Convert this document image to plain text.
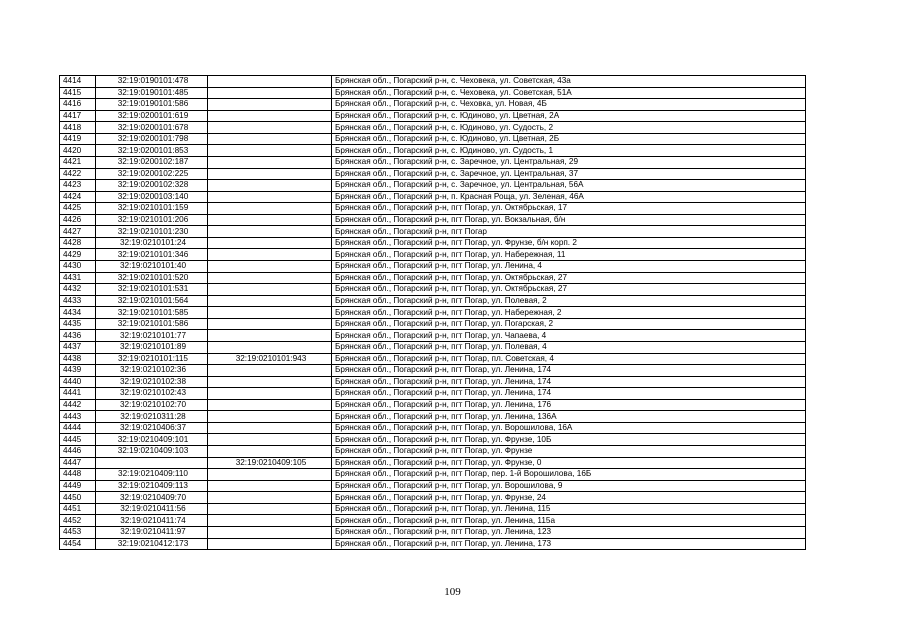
4414	32:19:0190101:478		Брянская обл., Погарский р-н, с. Чеховека, ул. Советская, 43а
4415	32:19:0190101:485		Брянская обл., Погарский р-н, с. Чеховека, ул. Советская, 51А
4416	32:19:0190101:586		Брянская обл., Погарский р-н, с. Чеховка, ул. Новая, 4Б
4417	32:19:0200101:619		Брянская обл., Погарский р-н, с. Юдиново, ул. Цветная, 2А
4418	32:19:0200101:678		Брянская обл., Погарский р-н, с. Юдиново, ул. Судость, 2
4419	32:19:0200101:798		Брянская обл., Погарский р-н, с. Юдиново, ул. Цветная, 2Б
4420	32:19:0200101:853		Брянская обл., Погарский р-н, с. Юдиново, ул. Судость, 1
4421	32:19:0200102:187		Брянская обл., Погарский р-н, с. Заречное, ул. Центральная, 29
4422	32:19:0200102:225		Брянская обл., Погарский р-н, с. Заречное, ул. Центральная, 37
4423	32:19:0200102:328		Брянская обл., Погарский р-н, с. Заречное, ул. Центральная, 56А
4424	32:19:0200103:140		Брянская обл., Погарский р-н, п. Красная Роща, ул. Зеленая, 46А
4425	32:19:0210101:159		Брянская обл., Погарский р-н, пгт Погар, ул. Октябрьская, 17
4426	32:19:0210101:206		Брянская обл., Погарский р-н, пгт Погар, ул. Вокзальная, б/н
4427	32:19:0210101:230		Брянская обл., Погарский р-н, пгт Погар
4428	32:19:0210101:24		Брянская обл., Погарский р-н, пгт Погар, ул. Фрунзе, б/н корп. 2
4429	32:19:0210101:346		Брянская обл., Погарский р-н, пгт Погар, ул. Набережная, 11
4430	32:19:0210101:40		Брянская обл., Погарский р-н, пгт Погар, ул. Ленина, 4
4431	32:19:0210101:520		Брянская обл., Погарский р-н, пгт Погар, ул. Октябрьская, 27
4432	32:19:0210101:531		Брянская обл., Погарский р-н, пгт Погар, ул. Октябрьская, 27
4433	32:19:0210101:564		Брянская обл., Погарский р-н, пгт Погар, ул. Полевая, 2
4434	32:19:0210101:585		Брянская обл., Погарский р-н, пгт Погар, ул. Набережная, 2
4435	32:19:0210101:586		Брянская обл., Погарский р-н, пгт Погар, ул. Погарская, 2
4436	32:19:0210101:77		Брянская обл., Погарский р-н, пгт Погар, ул. Чапаева, 4
4437	32:19:0210101:89		Брянская обл., Погарский р-н, пгт Погар, ул. Полевая, 4
4438	32:19:0210101:115	32:19:0210101:943	Брянская обл., Погарский р-н, пгт Погар, пл. Советская, 4
4439	32:19:0210102:36		Брянская обл., Погарский р-н, пгт Погар, ул. Ленина, 174
4440	32:19:0210102:38		Брянская обл., Погарский р-н, пгт Погар, ул. Ленина, 174
4441	32:19:0210102:43		Брянская обл., Погарский р-н, пгт Погар, ул. Ленина, 174
4442	32:19:0210102:70		Брянская обл., Погарский р-н, пгт Погар, ул. Ленина, 176
4443	32:19:0210311:28		Брянская обл., Погарский р-н, пгт Погар, ул. Ленина, 136А
4444	32:19:0210406:37		Брянская обл., Погарский р-н, пгт Погар, ул. Ворошилова, 16А
4445	32:19:0210409:101		Брянская обл., Погарский р-н, пгт Погар, ул. Фрунзе, 10Б
4446	32:19:0210409:103		Брянская обл., Погарский р-н, пгт Погар, ул. Фрунзе
4447		32:19:0210409:105	Брянская обл., Погарский р-н, пгт Погар, ул. Фрунзе, 0
4448	32:19:0210409:110		Брянская обл., Погарский р-н, пгт Погар, пер. 1-й Ворошилова, 16Б
4449	32:19:0210409:113		Брянская обл., Погарский р-н, пгт Погар, ул. Ворошилова, 9
4450	32:19:0210409:70		Брянская обл., Погарский р-н, пгт Погар, ул. Фрунзе, 24
4451	32:19:0210411:56		Брянская обл., Погарский р-н, пгт Погар, ул. Ленина, 115
4452	32:19:0210411:74		Брянская обл., Погарский р-н, пгт Погар, ул. Ленина, 115а
4453	32:19:0210411:97		Брянская обл., Погарский р-н, пгт Погар, ул. Ленина, 123
4454	32:19:0210412:173		Брянская обл., Погарский р-н, пгт Погар, ул. Ленина, 173
109
